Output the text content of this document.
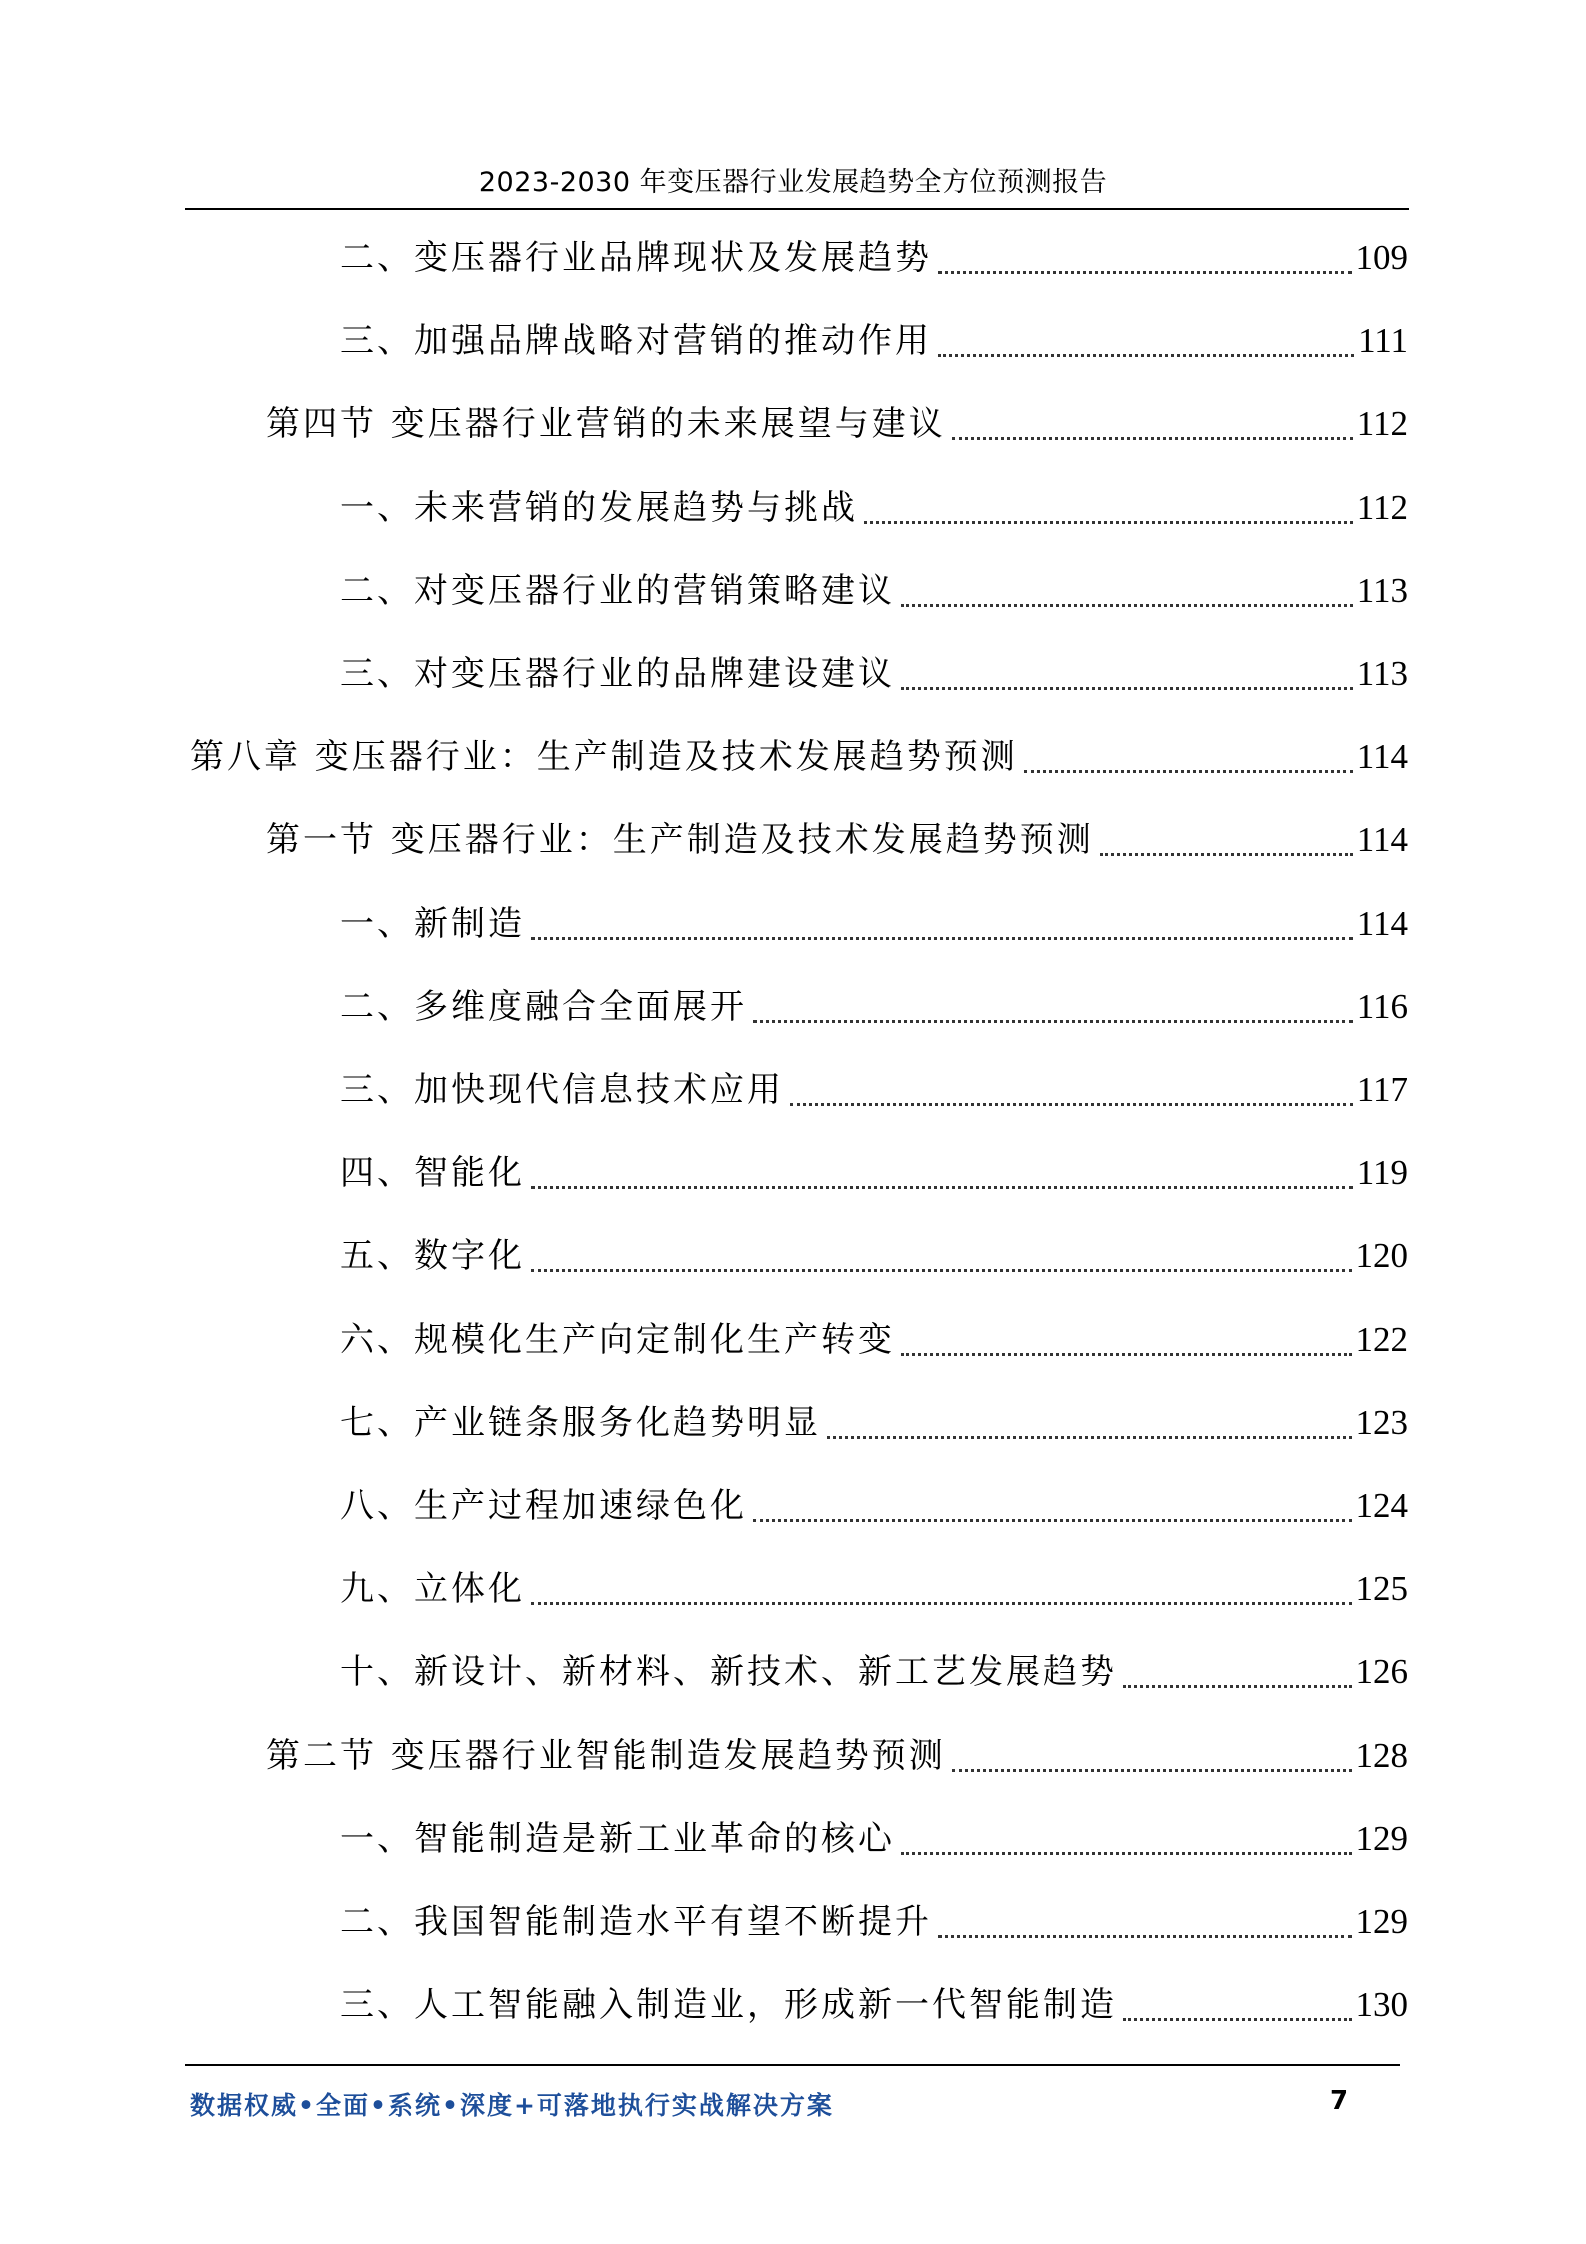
2023-2030 年变压器行业发展趋势全方位预测报告
二、变压器行业品牌现状及发展趋势	109
三、加强品牌战略对营销的推动作用	111
第四节 变压器行业营销的未来展望与建议	112
一、未来营销的发展趋势与挑战	112
二、对变压器行业的营销策略建议	113
三、对变压器行业的品牌建设建议	113
第八章 变压器行业：生产制造及技术发展趋势预测	114
第一节 变压器行业：生产制造及技术发展趋势预测	114
一、新制造	114
二、多维度融合全面展开	116
三、加快现代信息技术应用	117
四、智能化	119
五、数字化	120
六、规模化生产向定制化生产转变	122
七、产业链条服务化趋势明显	123
八、生产过程加速绿色化	124
九、立体化	125
十、新设计、新材料、新技术、新工艺发展趋势	126
第二节 变压器行业智能制造发展趋势预测	128
一、智能制造是新工业革命的核心	129
二、我国智能制造水平有望不断提升	129
三、人工智能融入制造业，形成新一代智能制造	130
数据权威•全面•系统•深度+可落地执行实战解决方案	7
